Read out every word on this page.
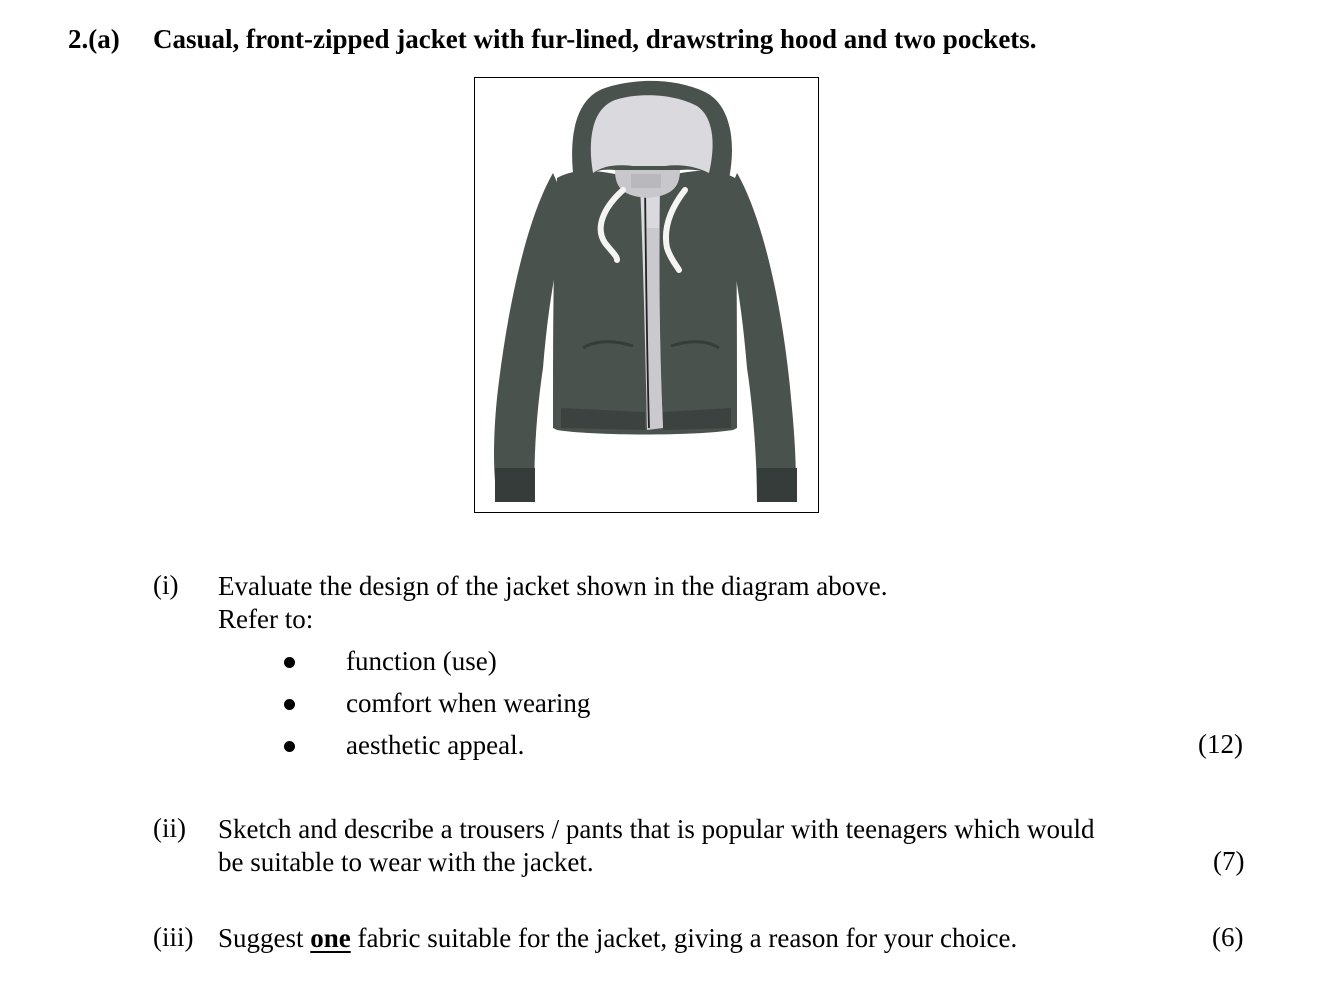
2.(a) Casual, front-zipped jacket with fur-lined, drawstring hood and two pockets.
(i) Evaluate the design of the jacket shown in the diagram above.
Refer to:
function (use)
comfort when wearing
aesthetic appeal.	(12)
(ii) Sketch and describe a trousers / pants that is popular with teenagers which would
be suitable to wear with the jacket.	(7)
(iii) Suggest one fabric suitable for the jacket, giving a reason for your choice.	(6)
